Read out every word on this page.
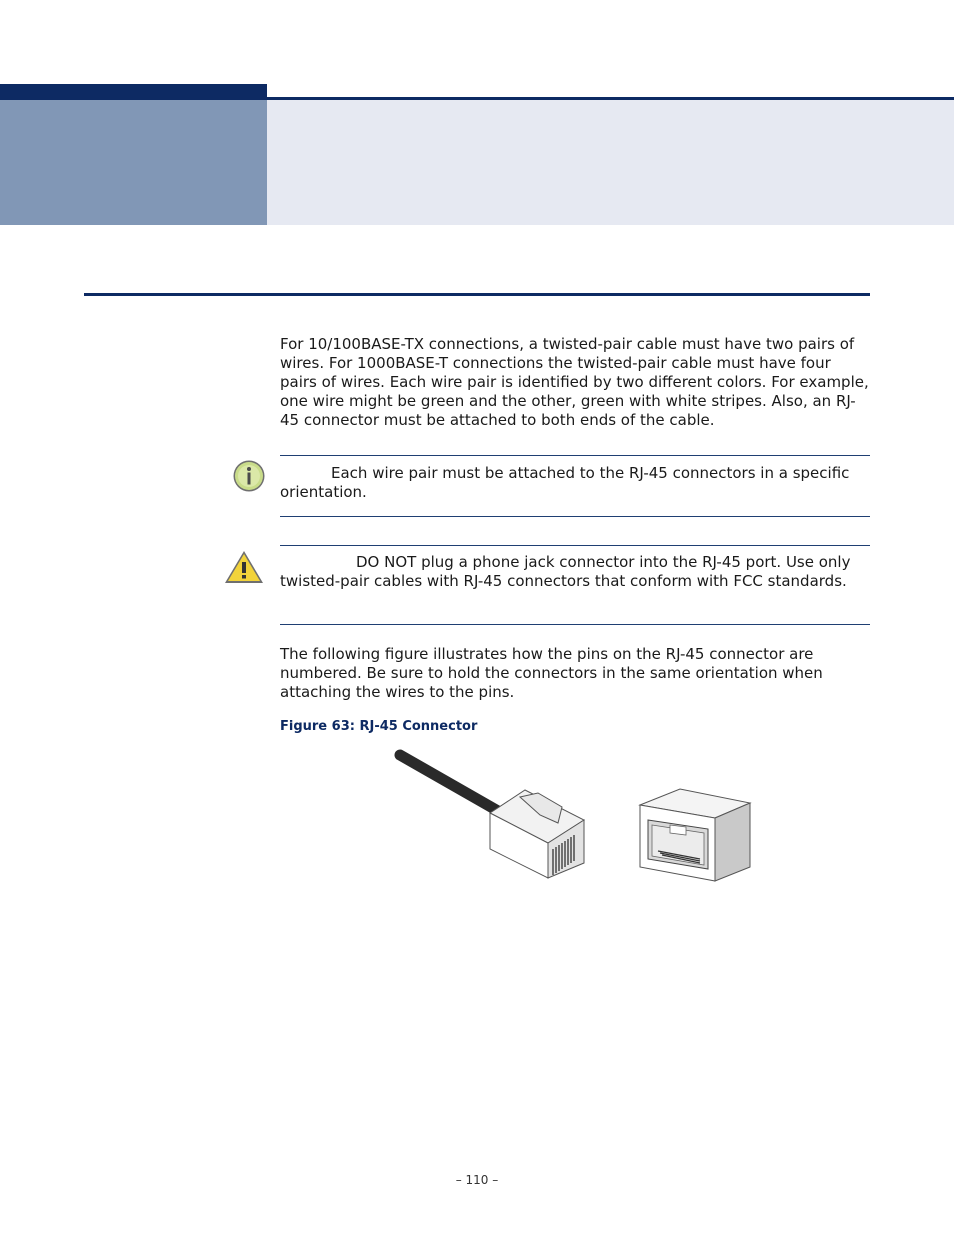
For 10/100BASE-TX connections, a twisted-pair cable must have two pairs of wires. For 1000BASE-T connections the twisted-pair cable must have four pairs of wires. Each wire pair is identified by two different colors. For example, one wire might be green and the other, green with white stripes. Also, an RJ-45 connector must be attached to both ends of the cable.

Each wire pair must be attached to the RJ-45 connectors in a specific orientation.

DO NOT plug a phone jack connector into the RJ-45 port. Use only twisted-pair cables with RJ-45 connectors that conform with FCC standards.

The following figure illustrates how the pins on the RJ-45 connector are numbered. Be sure to hold the connectors in the same orientation when attaching the wires to the pins.

Figure 63: RJ-45 Connector
– 110 –
